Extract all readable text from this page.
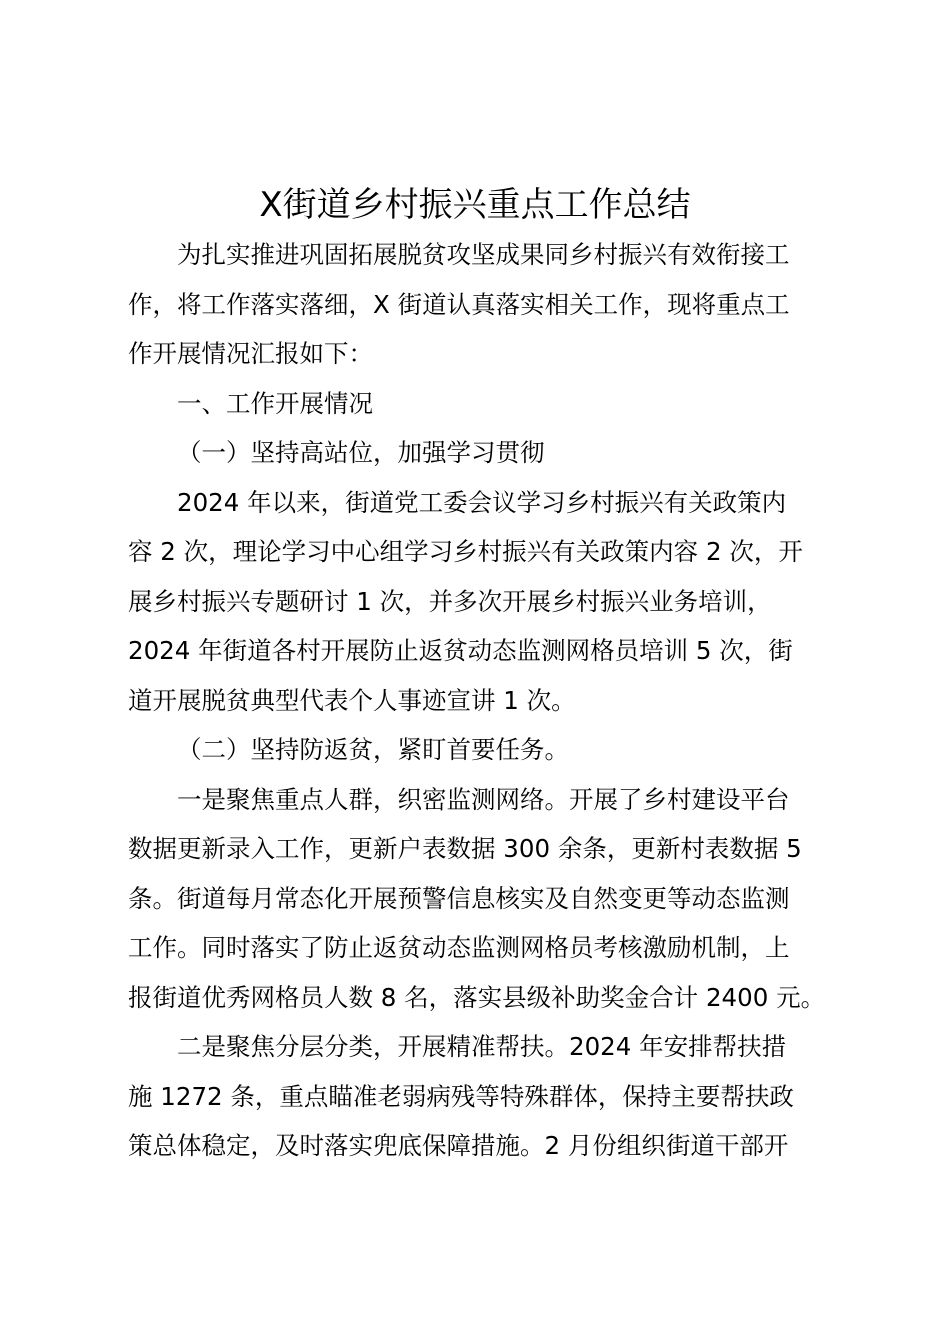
X街道乡村振兴重点工作总结
为扎实推进巩固拓展脱贫攻坚成果同乡村振兴有效衔接工
作，将工作落实落细，X 街道认真落实相关工作，现将重点工
作开展情况汇报如下：
一、工作开展情况
（一）坚持高站位，加强学习贯彻
2024 年以来，街道党工委会议学习乡村振兴有关政策内
容 2 次，理论学习中心组学习乡村振兴有关政策内容 2 次，开
展乡村振兴专题研讨 1 次，并多次开展乡村振兴业务培训，
2024 年街道各村开展防止返贫动态监测网格员培训 5 次，街
道开展脱贫典型代表个人事迹宣讲 1 次。
（二）坚持防返贫，紧盯首要任务。
一是聚焦重点人群，织密监测网络。开展了乡村建设平台
数据更新录入工作，更新户表数据 300 余条，更新村表数据 5
条。街道每月常态化开展预警信息核实及自然变更等动态监测
工作。同时落实了防止返贫动态监测网格员考核激励机制，上
报街道优秀网格员人数 8 名，落实县级补助奖金合计 2400 元。
二是聚焦分层分类，开展精准帮扶。2024 年安排帮扶措
施 1272 条，重点瞄准老弱病残等特殊群体，保持主要帮扶政
策总体稳定，及时落实兜底保障措施。2 月份组织街道干部开
